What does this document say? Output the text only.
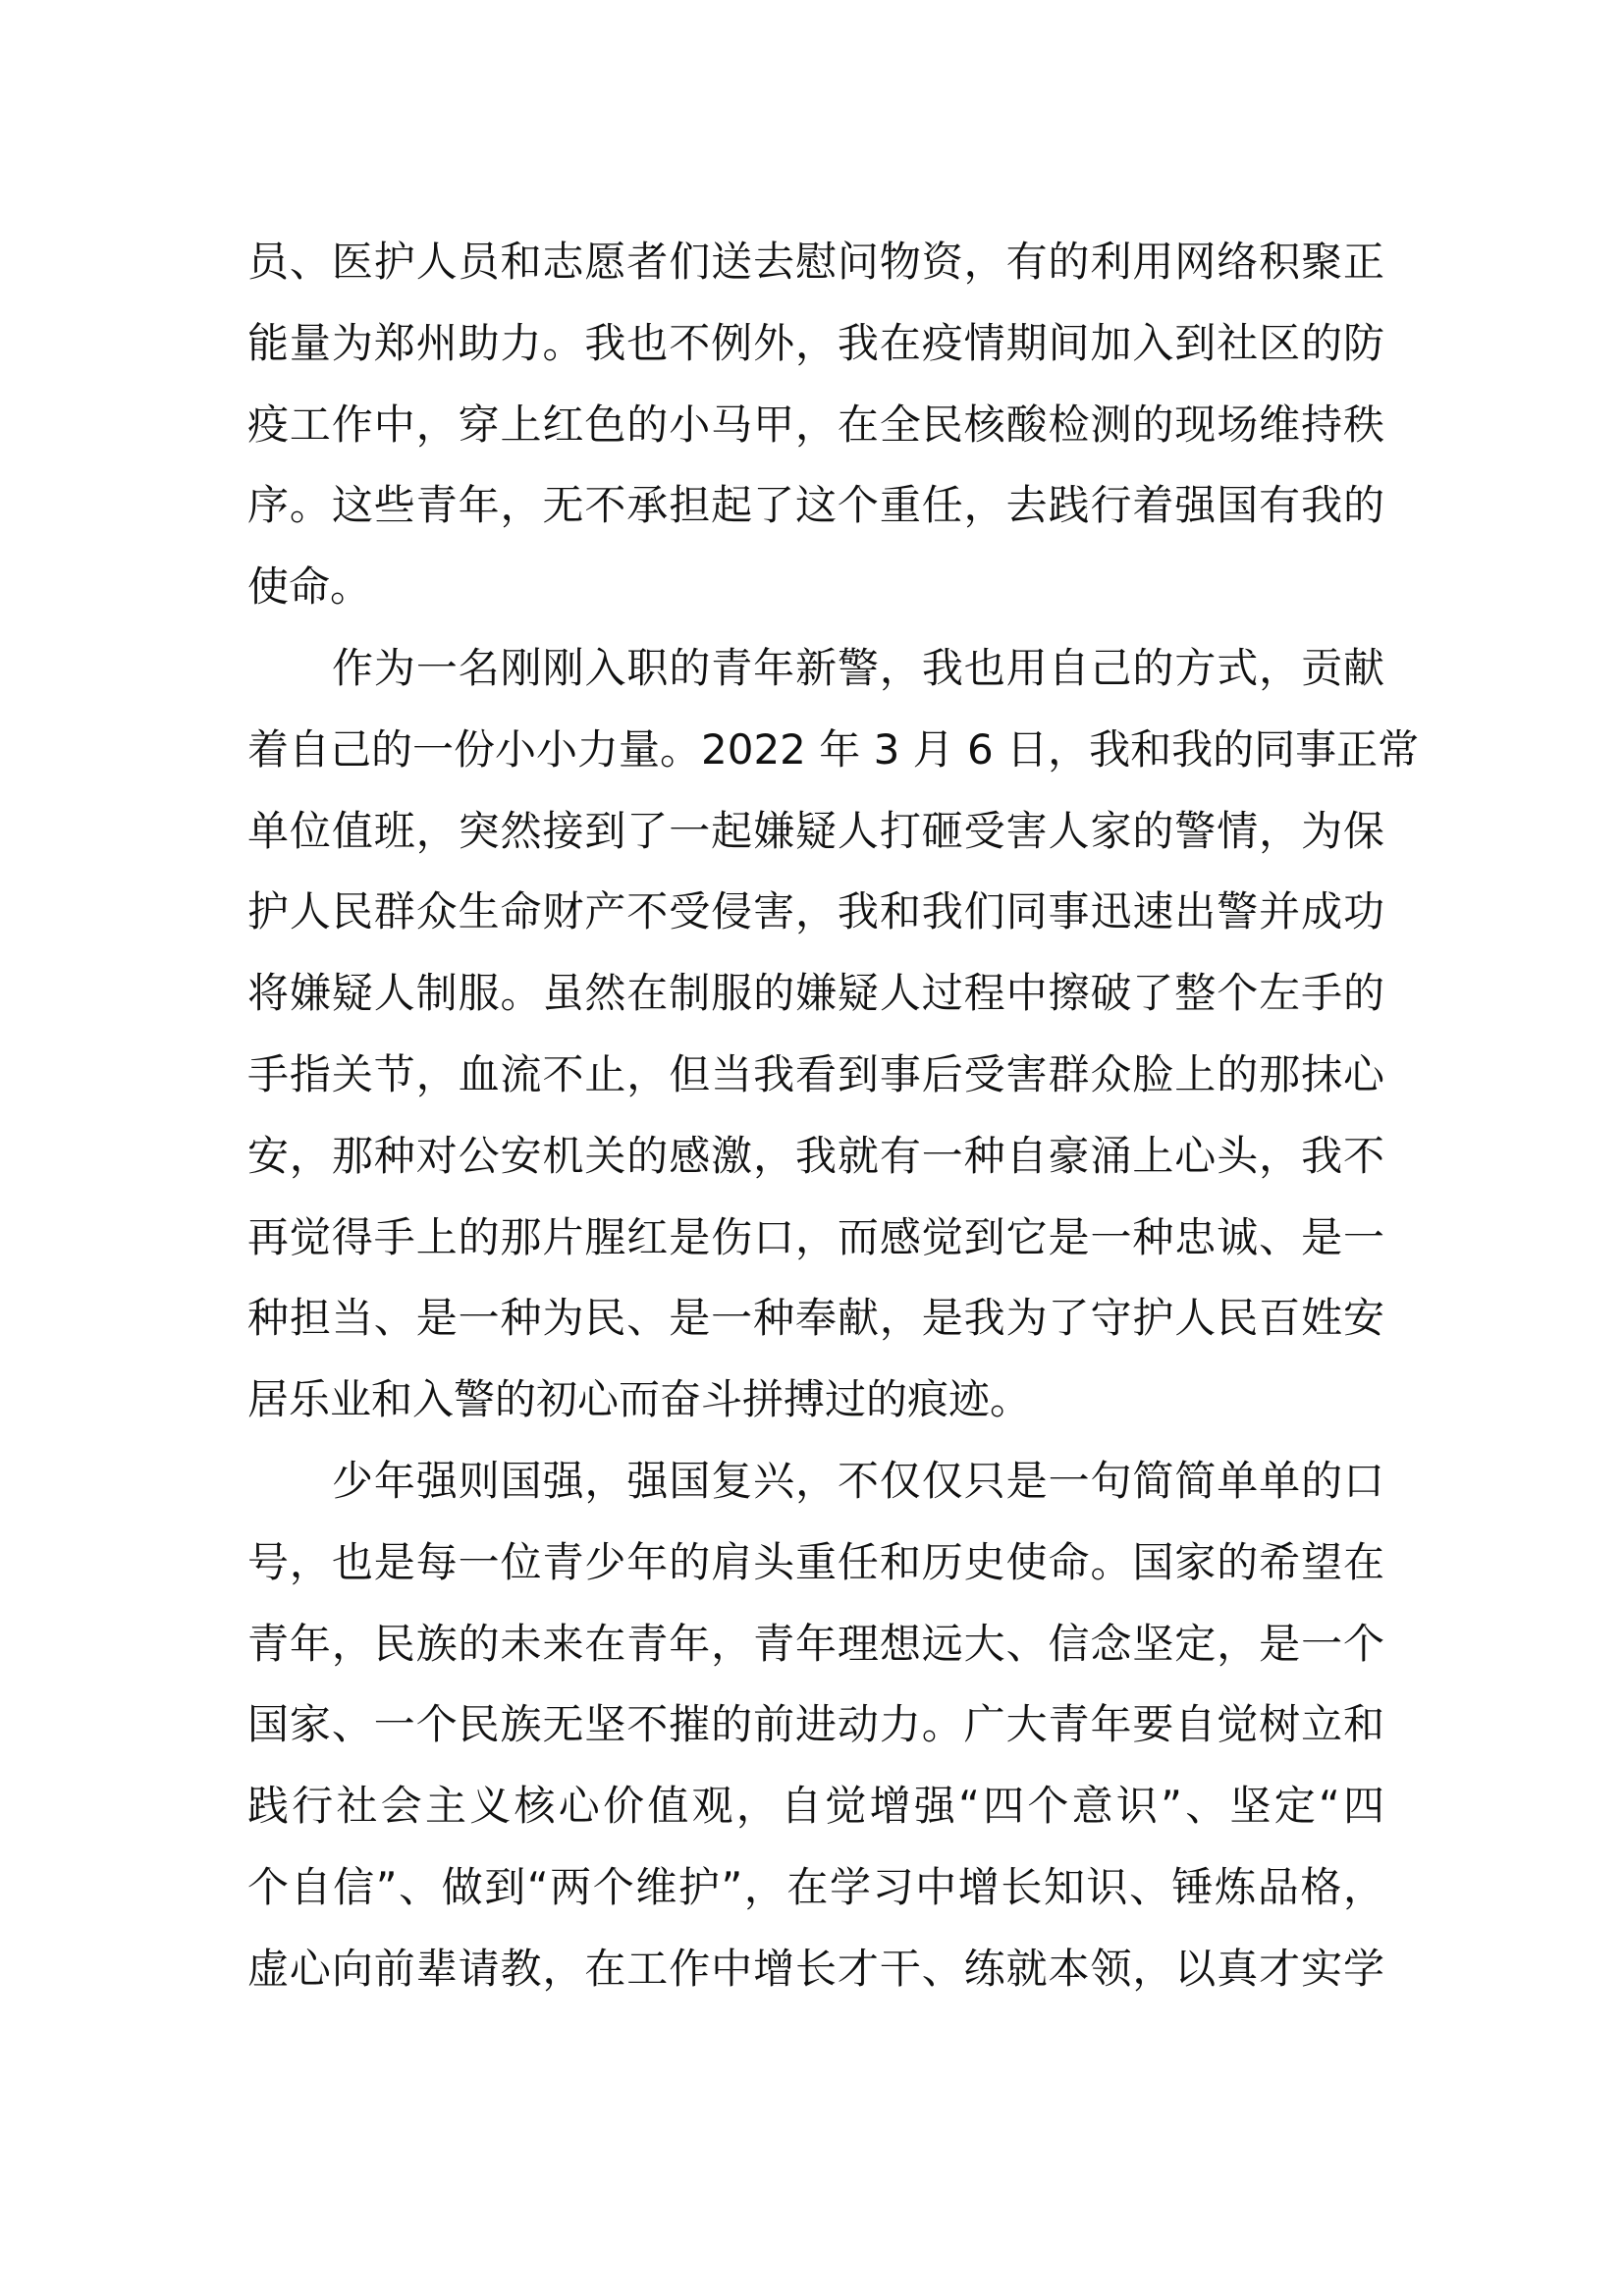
员、医护人员和志愿者们送去慰问物资，有的利用网络积聚正
能量为郑州助力。我也不例外，我在疫情期间加入到社区的防
疫工作中，穿上红色的小马甲，在全民核酸检测的现场维持秩
序。这些青年，无不承担起了这个重任，去践行着强国有我的
使命。
作为一名刚刚入职的青年新警，我也用自己的方式，贡献
着自己的一份小小力量。2022 年 3 月 6 日，我和我的同事正常
单位值班，突然接到了一起嫌疑人打砸受害人家的警情，为保
护人民群众生命财产不受侵害，我和我们同事迅速出警并成功
将嫌疑人制服。虽然在制服的嫌疑人过程中擦破了整个左手的
手指关节，血流不止，但当我看到事后受害群众脸上的那抹心
安，那种对公安机关的感激，我就有一种自豪涌上心头，我不
再觉得手上的那片腥红是伤口，而感觉到它是一种忠诚、是一
种担当、是一种为民、是一种奉献，是我为了守护人民百姓安
居乐业和入警的初心而奋斗拼搏过的痕迹。
少年强则国强，强国复兴，不仅仅只是一句简简单单的口
号，也是每一位青少年的肩头重任和历史使命。国家的希望在
青年，民族的未来在青年，青年理想远大、信念坚定，是一个
国家、一个民族无坚不摧的前进动力。广大青年要自觉树立和
践行社会主义核心价值观，自觉增强“四个意识”、坚定“四
个自信”、做到“两个维护”，在学习中增长知识、锤炼品格，
虚心向前辈请教，在工作中增长才干、练就本领，以真才实学
